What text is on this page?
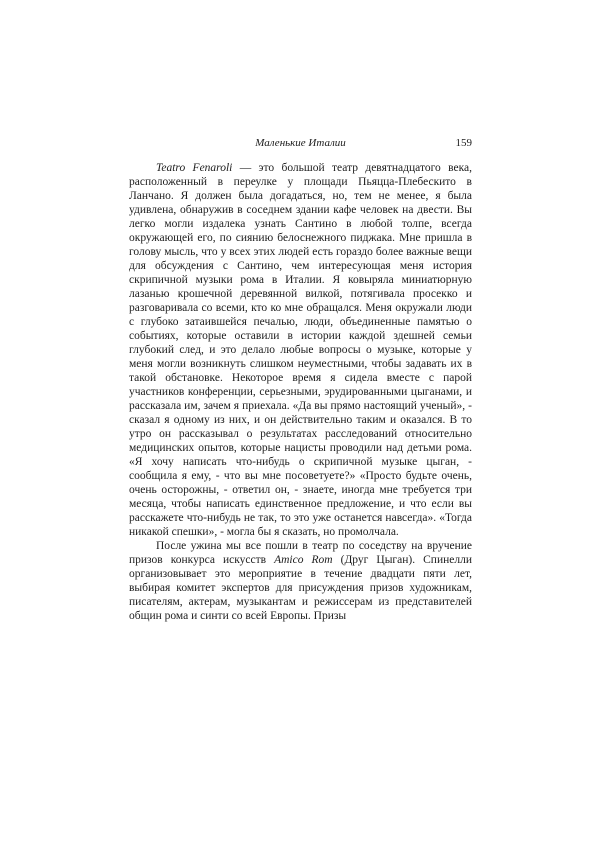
Маленькие Италии	159

Teatro Fenaroli — это большой театр девятнадцатого века, расположенный в переулке у площади Пьяцца-Плебескито в Ланчано. Я должен была догадаться, но, тем не менее, я была удивлена, обнаружив в соседнем здании кафе человек на двести. Вы легко могли издалека узнать Сантино в любой толпе, всегда окружающей его, по сиянию белоснежного пиджака. Мне пришла в голову мысль, что у всех этих людей есть гораздо более важные вещи для обсуждения с Сантино, чем интересующая меня история скрипичной музыки рома в Италии. Я ковыряла миниатюрную лазанью крошечной деревянной вилкой, потягивала просекко и разговаривала со всеми, кто ко мне обращался. Меня окружали люди с глубоко затаившейся печалью, люди, объединенные памятью о событиях, которые оставили в истории каждой здешней семьи глубокий след, и это делало любые вопросы о музыке, которые у меня могли возникнуть слишком неуместными, чтобы задавать их в такой обстановке. Некоторое время я сидела вместе с парой участников конференции, серьезными, эрудированными цыганами, и рассказала им, зачем я приехала. «Да вы прямо настоящий ученый», - сказал я одному из них, и он действительно таким и оказался. В то утро он рассказывал о результатах расследований относительно медицинских опытов, которые нацисты проводили над детьми рома. «Я хочу написать что-нибудь о скрипичной музыке цыган, - сообщила я ему, - что вы мне посоветуете?» «Просто будьте очень, очень осторожны, - ответил он, - знаете, иногда мне требуется три месяца, чтобы написать единственное предложение, и что если вы расскажете что-нибудь не так, то это уже останется навсегда». «Тогда никакой спешки», - могла бы я сказать, но промолчала.

После ужина мы все пошли в театр по соседству на вручение призов конкурса искусств Amico Rom (Друг Цыган). Спинелли организовывает это мероприятие в течение двадцати пяти лет, выбирая комитет экспертов для присуждения призов художникам, писателям, актерам, музыкантам и режиссерам из представителей общин рома и синти со всей Европы. Призы
